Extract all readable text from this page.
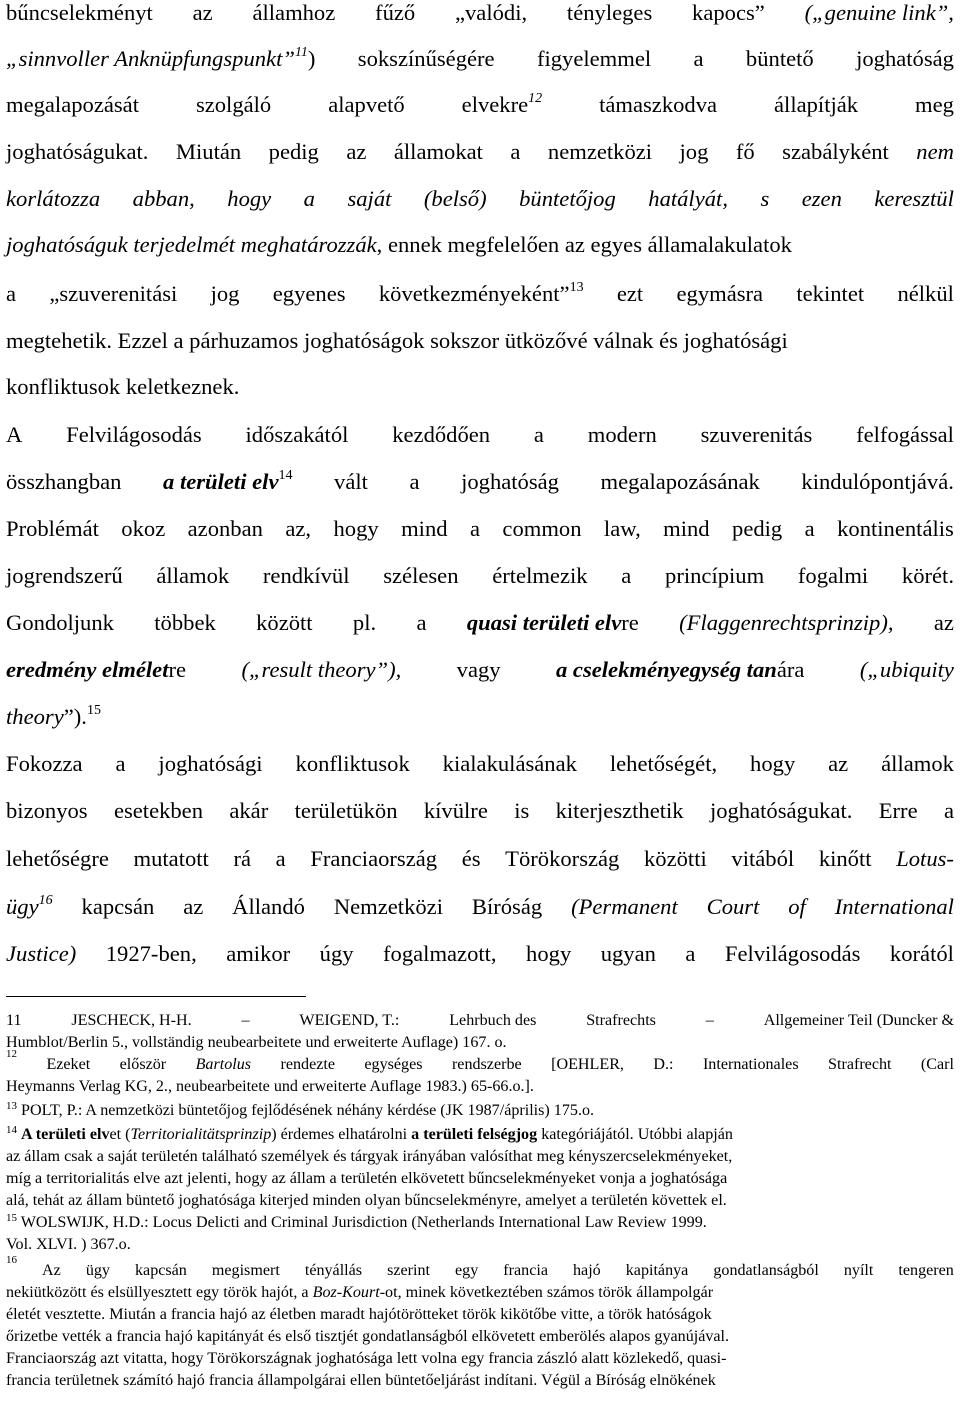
bűncselekményt az államhoz fűző „valódi, tényleges kapocs” („genuine link”,
„sinnvoller Anknüpfungspunkt”$^{11}$) sokszínűségére figyelemmel a büntető joghatóság
megalapozását	szolgáló	alapvető	elvekre$^{12}$	támaszkodva	állapítják	meg
joghatóságukat. Miután pedig az államokat a nemzetközi jog fő szabályként nem
korlátozza abban, hogy a saját (belső) büntetőjog hatályát, s ezen keresztül
joghatóságuk terjedelmét meghatározzák, ennek megfelelően az egyes államalakulatok
a „szuverenitási jog egyenes következményeként”$^{13}$ ezt egymásra tekintet nélkül
megtehetik. Ezzel a párhuzamos joghatóságok sokszor ütközővé válnak és joghatósági
konfliktusok keletkeznek.
A Felvilágosodás időszakától kezdődően a modern szuverenitás felfogással
összhangban a területi elv$^{14}$ vált a joghatóság megalapozásának kindulópontjává.
Problémát okoz azonban az, hogy mind a common law, mind pedig a kontinentális
jogrendszerű államok rendkívül szélesen értelmezik a princípium fogalmi körét.
Gondoljunk többek között pl. a quasi területi elvre (Flaggenrechtsprinzip), az
eredmény elméletre („result theory”), vagy a cselekményegység tanára („ubiquity
theory”).$^{15}$
Fokozza a joghatósági konfliktusok kialakulásának lehetőségét, hogy az államok
bizonyos esetekben akár területükön kívülre is kiterjeszthetik joghatóságukat. Erre a
lehetőségre mutatott rá a Franciaország és Törökország közötti vitából kinőtt Lotus-
ügy$^{16}$ kapcsán az Állandó Nemzetközi Bíróság (Permanent Court of International
Justice) 1927-ben, amikor úgy fogalmazott, hogy ugyan a Felvilágosodás korától
11	JESCHECK, H-H.	–	WEIGEND, T.:	Lehrbuch des	Strafrechts	–	Allgemeiner Teil (Duncker &
Humblot/Berlin 5., vollständig neubearbeitete und erweiterte Auflage) 167. o.
12
Ezeket először Bartolus rendezte egységes rendszerbe [OEHLER, D.: Internationales Strafrecht (Carl
Heymanns Verlag KG, 2., neubearbeitete und erweiterte Auflage 1983.) 65-66.o.].
$^{13}$ POLT, P.: A nemzetközi büntetőjog fejlődésének néhány kérdése (JK 1987/április) 175.o.
$^{14}$ A területi elvet (Territorialitätsprinzip) érdemes elhatárolni a területi felségjog kategóriájától. Utóbbi alapján
az állam csak a saját területén található személyek és tárgyak irányában valósíthat meg kényszercselekményeket,
míg a territorialitás elve azt jelenti, hogy az állam a területén elkövetett bűncselekményeket vonja a joghatósága
alá, tehát az állam büntető joghatósága kiterjed minden olyan bűncselekményre, amelyet a területén követtek el.
$^{15}$ WOLSWIJK, H.D.: Locus Delicti and Criminal Jurisdiction (Netherlands International Law Review 1999.
Vol. XLVI. ) 367.o.
16
Az ügy kapcsán megismert tényállás szerint egy francia hajó kapitánya gondatlanságból nyílt tengeren
nekiütközött és elsüllyesztett egy török hajót, a Boz-Kourt-ot, minek következtében számos török állampolgár
életét vesztette. Miután a francia hajó az életben maradt hajótörötteket török kikötőbe vitte, a török hatóságok
őrizetbe vették a francia hajó kapitányát és első tisztjét gondatlanságból elkövetett emberölés alapos gyanújával.
Franciaország azt vitatta, hogy Törökországnak joghatósága lett volna egy francia zászló alatt közlekedő, quasi-
francia területnek számító hajó francia állampolgárai ellen büntetőeljárást indítani. Végül a Bíróság elnökének
